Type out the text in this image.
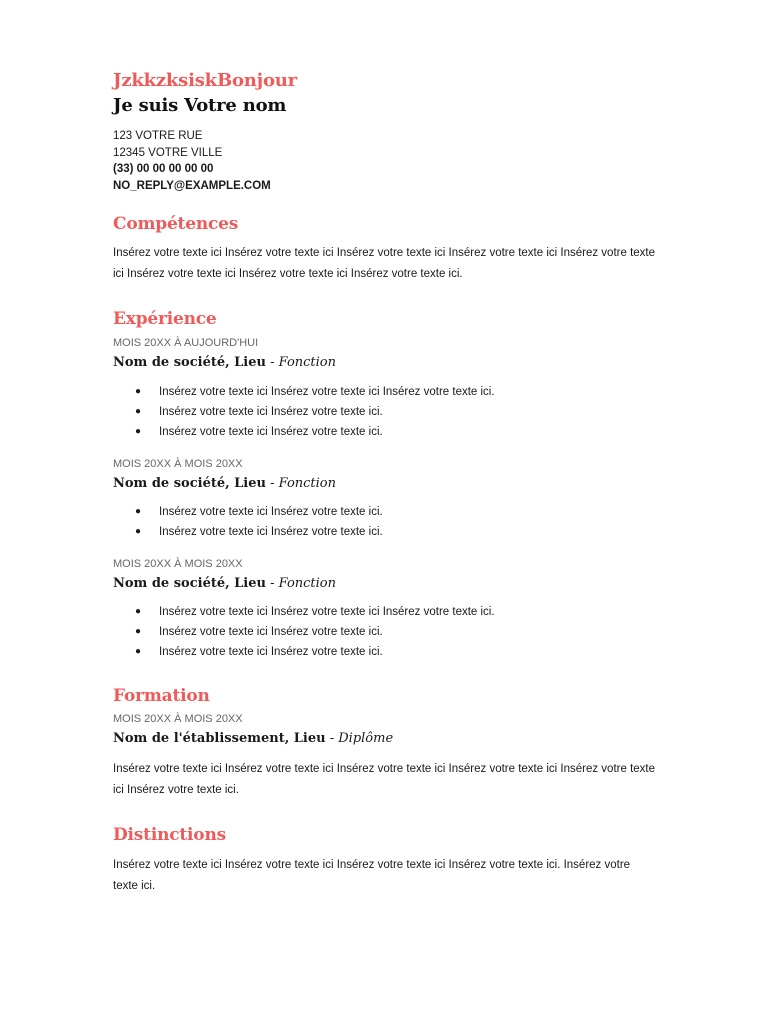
JzkkzksiskBonjour
Je suis Votre nom
123 VOTRE RUE
12345 VOTRE VILLE
(33) 00 00 00 00 00
NO_REPLY@EXAMPLE.COM
Compétences

Insérez votre texte ici Insérez votre texte ici Insérez votre texte ici Insérez votre texte ici Insérez votre texte ici Insérez votre texte ici Insérez votre texte ici Insérez votre texte ici.

Expérience

MOIS 20XX À AUJOURD'HUI

Nom de société, Lieu - Fonction

● Insérez votre texte ici Insérez votre texte ici Insérez votre texte ici.
● Insérez votre texte ici Insérez votre texte ici.
● Insérez votre texte ici Insérez votre texte ici.

MOIS 20XX À MOIS 20XX

Nom de société, Lieu - Fonction

● Insérez votre texte ici Insérez votre texte ici.
● Insérez votre texte ici Insérez votre texte ici.

MOIS 20XX À MOIS 20XX

Nom de société, Lieu - Fonction

● Insérez votre texte ici Insérez votre texte ici Insérez votre texte ici.
● Insérez votre texte ici Insérez votre texte ici.
● Insérez votre texte ici Insérez votre texte ici.
Formation

MOIS 20XX À MOIS 20XX

Nom de l'établissement, Lieu - Diplôme

Insérez votre texte ici Insérez votre texte ici Insérez votre texte ici Insérez votre texte ici Insérez votre texte ici Insérez votre texte ici.

Distinctions

Insérez votre texte ici Insérez votre texte ici Insérez votre texte ici Insérez votre texte ici. Insérez votre texte ici.
